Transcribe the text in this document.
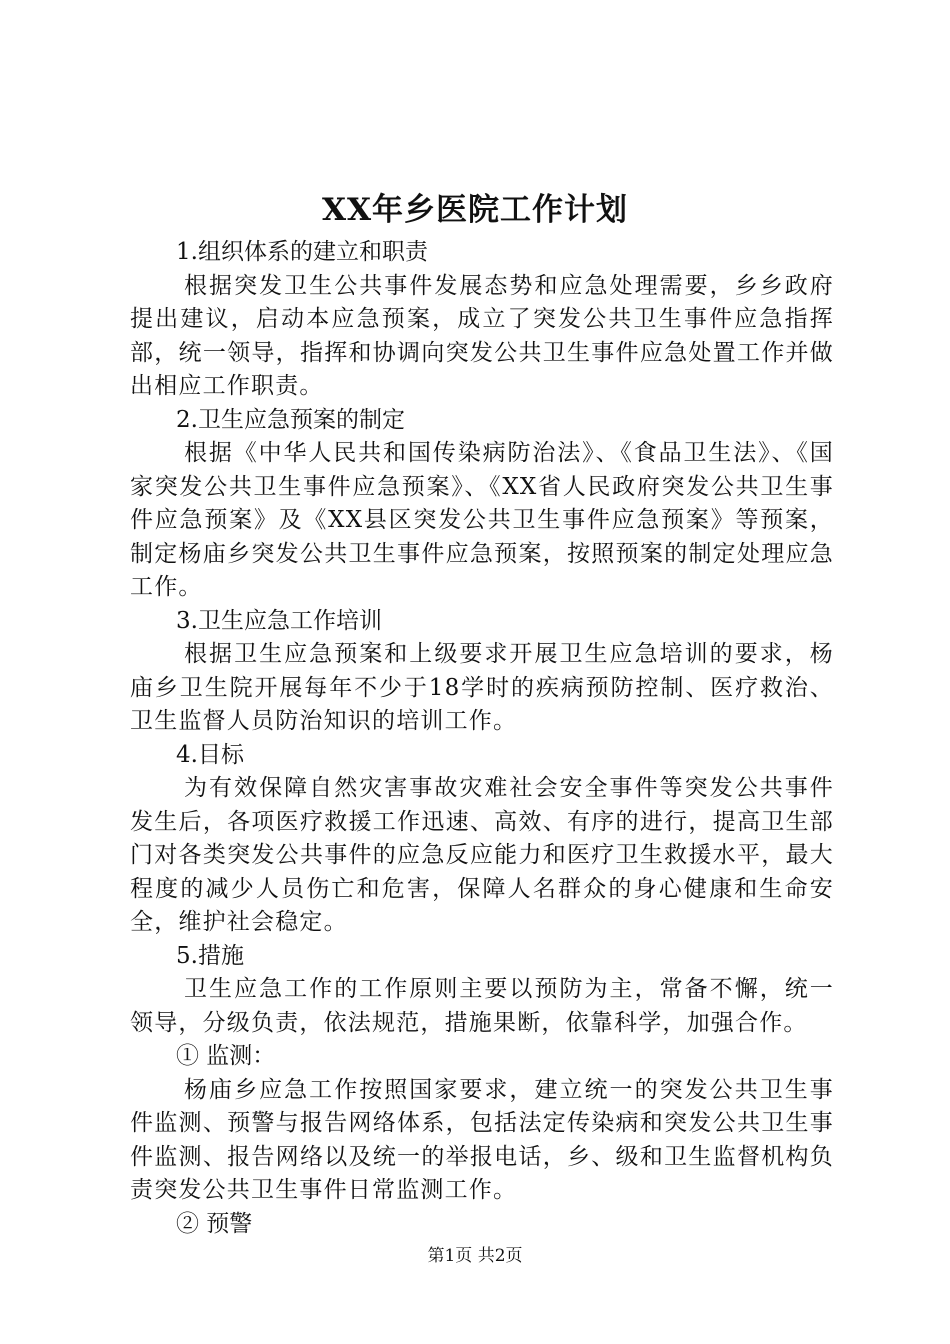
XX年乡医院工作计划

1.组织体系的建立和职责

根据突发卫生公共事件发展态势和应急处理需要，乡乡政府提出建议，启动本应急预案，成立了突发公共卫生事件应急指挥部，统一领导，指挥和协调向突发公共卫生事件应急处置工作并做出相应工作职责。

2.卫生应急预案的制定

根据《中华人民共和国传染病防治法》、《食品卫生法》、《国家突发公共卫生事件应急预案》、《XX省人民政府突发公共卫生事件应急预案》及《XX县区突发公共卫生事件应急预案》等预案，制定杨庙乡突发公共卫生事件应急预案，按照预案的制定处理应急工作。

3.卫生应急工作培训

根据卫生应急预案和上级要求开展卫生应急培训的要求，杨庙乡卫生院开展每年不少于18学时的疾病预防控制、医疗救治、卫生监督人员防治知识的培训工作。

4.目标

为有效保障自然灾害事故灾难社会安全事件等突发公共事件发生后，各项医疗救援工作迅速、高效、有序的进行，提高卫生部门对各类突发公共事件的应急反应能力和医疗卫生救援水平，最大程度的减少人员伤亡和危害，保障人名群众的身心健康和生命安全，维护社会稳定。

5.措施

卫生应急工作的工作原则主要以预防为主，常备不懈，统一领导，分级负责，依法规范，措施果断，依靠科学，加强合作。

① 监测：

杨庙乡应急工作按照国家要求，建立统一的突发公共卫生事件监测、预警与报告网络体系，包括法定传染病和突发公共卫生事件监测、报告网络以及统一的举报电话，乡、级和卫生监督机构负责突发公共卫生事件日常监测工作。

② 预警

第1页 共2页
